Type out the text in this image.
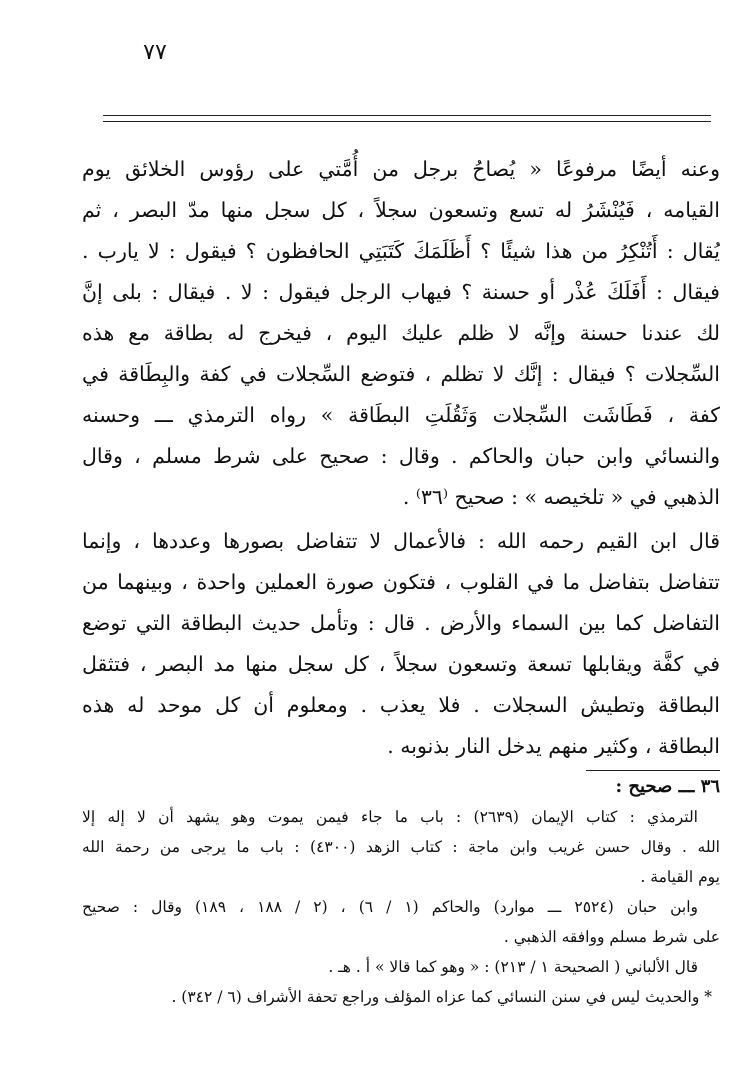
٧٧
وعنه أيضًا مرفوعًا « يُصاحُ برجل من أُمَّتي على رؤوس الخلائق يوم
القيامه ، فَيُنْشَرُ له تسع وتسعون سجلاً ، كل سجل منها مدّ البصر ، ثم
يُقال : أَتُنْكِرُ من هذا شيئًا ؟ أَظَلَمَكَ كَتَبَتِي الحافظون ؟ فيقول : لا يارب .
فيقال : أَفَلَكَ عُذْر أو حسنة ؟ فيهاب الرجل فيقول : لا . فيقال : بلى إنَّ
لك عندنا حسنة وإنَّه لا ظلم عليك اليوم ، فيخرج له بطاقة مع هذه
السِّجلات ؟ فيقال : إنَّك لا تظلم ، فتوضع السِّجلات في كفة والبِطَاقة في
كفة ، فَطَاشَت السِّجلات وَثَقُلَتِ البطَاقة » رواه الترمذي ـــ وحسنه
والنسائي وابن حبان والحاكم . وقال : صحيح على شرط مسلم ، وقال
الذهبي في « تلخيصه » : صحيح ⁽٣٦⁾ .
قال ابن القيم رحمه الله : فالأعمال لا تتفاضل بصورها وعددها ، وإنما
تتفاضل بتفاضل ما في القلوب ، فتكون صورة العملين واحدة ، وبينهما من
التفاضل كما بين السماء والأرض . قال : وتأمل حديث البطاقة التي توضع
في كفَّة ويقابلها تسعة وتسعون سجلاً ، كل سجل منها مد البصر ، فتثقل
البطاقة وتطيش السجلات . فلا يعذب . ومعلوم أن كل موحد له هذه
البطاقة ، وكثير منهم يدخل النار بذنوبه .
٣٦ ـــ صحيح :
الترمذي : كتاب الإيمان (٢٦٣٩) : باب ما جاء فيمن يموت وهو يشهد أن لا إله إلا
الله . وقال حسن غريب وابن ماجة : كتاب الزهد (٤٣٠٠) : باب ما يرجى من رحمة الله
يوم القيامة .
وابن حبان (٢٥٢٤ ـــ موارد) والحاكم (١ / ٦) ، (٢ / ١٨٨ ، ١٨٩) وقال : صحيح
على شرط مسلم ووافقه الذهبي .
قال الألباني ( الصحيحة ١ / ٢١٣) : « وهو كما قالا » أ . هـ .
* والحديث ليس في سنن النسائي كما عزاه المؤلف وراجع تحفة الأشراف (٦ / ٣٤٢) .
